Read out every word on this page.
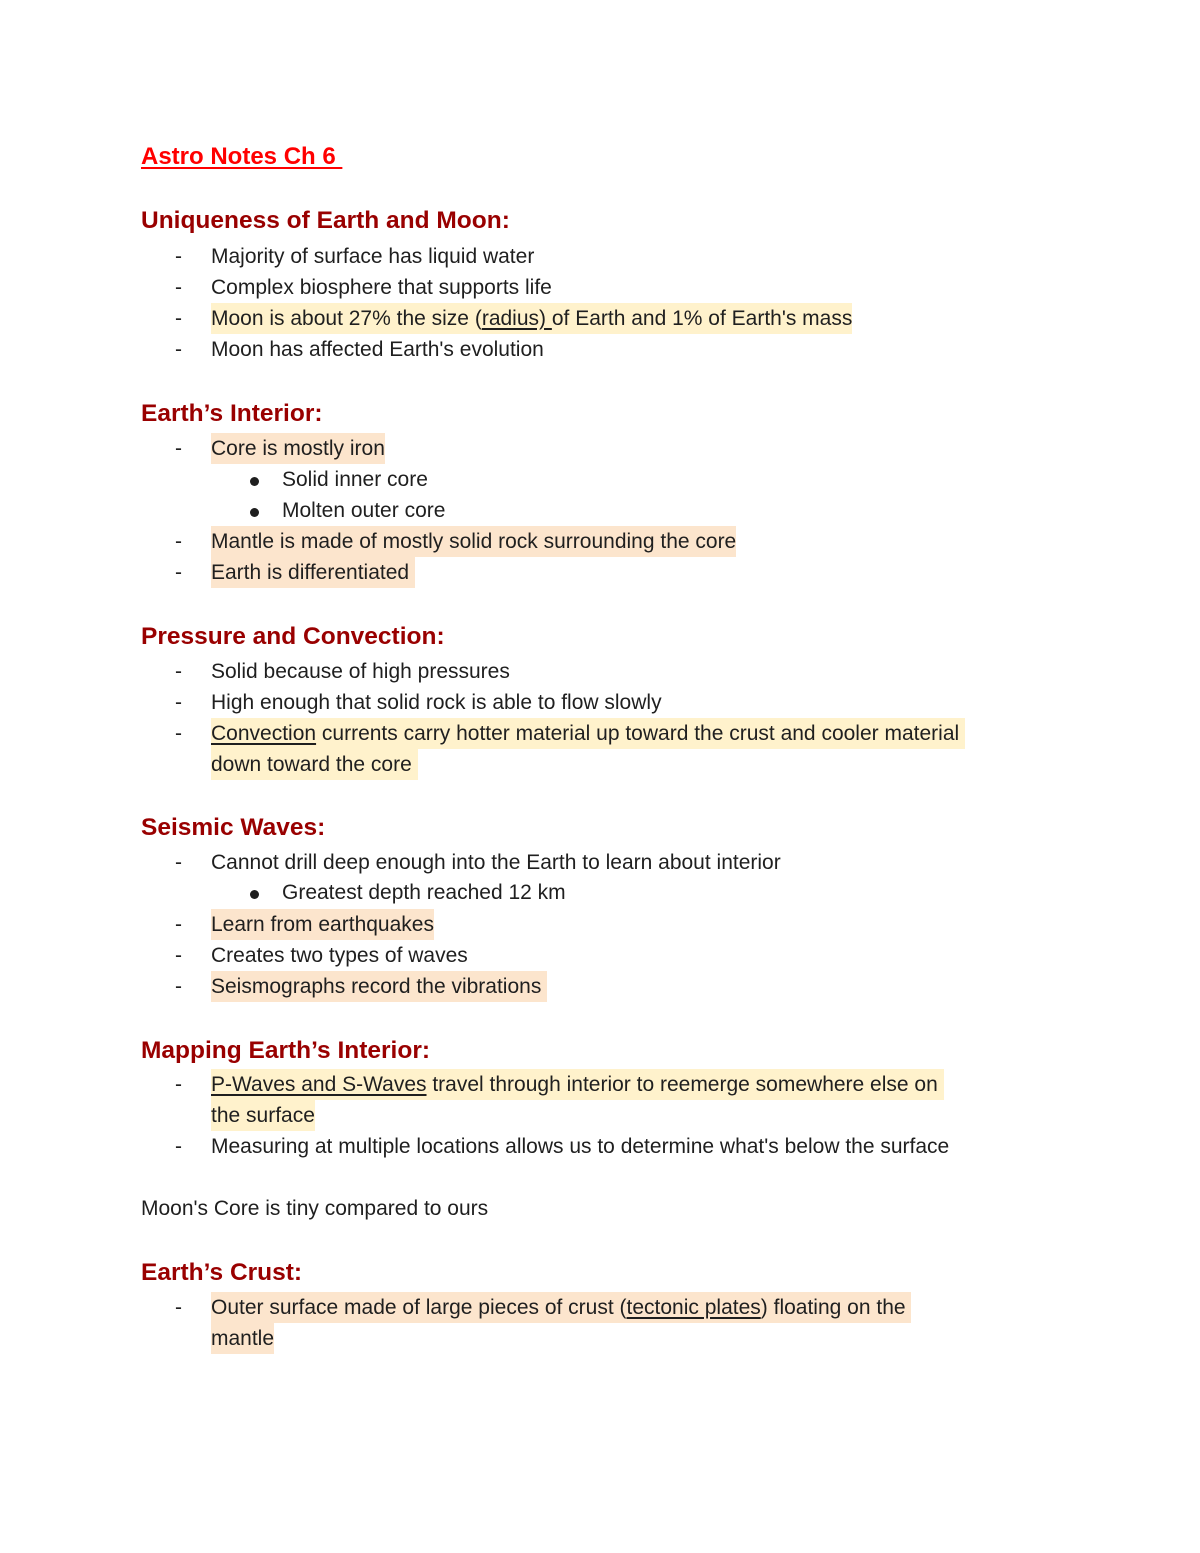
Astro Notes Ch 6
Uniqueness of Earth and Moon:
-	Majority of surface has liquid water
-	Complex biosphere that supports life
-	Moon is about 27% the size (radius) of Earth and 1% of Earth's mass
-	Moon has affected Earth's evolution
Earth’s Interior:
-	Core is mostly iron
Solid inner core
Molten outer core
-	Mantle is made of mostly solid rock surrounding the core
-	Earth is differentiated
Pressure and Convection:
-	Solid because of high pressures
-	High enough that solid rock is able to flow slowly
-	Convection currents carry hotter material up toward the crust and cooler material
down toward the core
Seismic Waves:
-	Cannot drill deep enough into the Earth to learn about interior
Greatest depth reached 12 km
-	Learn from earthquakes
-	Creates two types of waves
-	Seismographs record the vibrations
Mapping Earth’s Interior:
-	P-Waves and S-Waves travel through interior to reemerge somewhere else on
the surface
-	Measuring at multiple locations allows us to determine what's below the surface
Moon's Core is tiny compared to ours
Earth’s Crust:
-	Outer surface made of large pieces of crust (tectonic plates) floating on the
mantle
